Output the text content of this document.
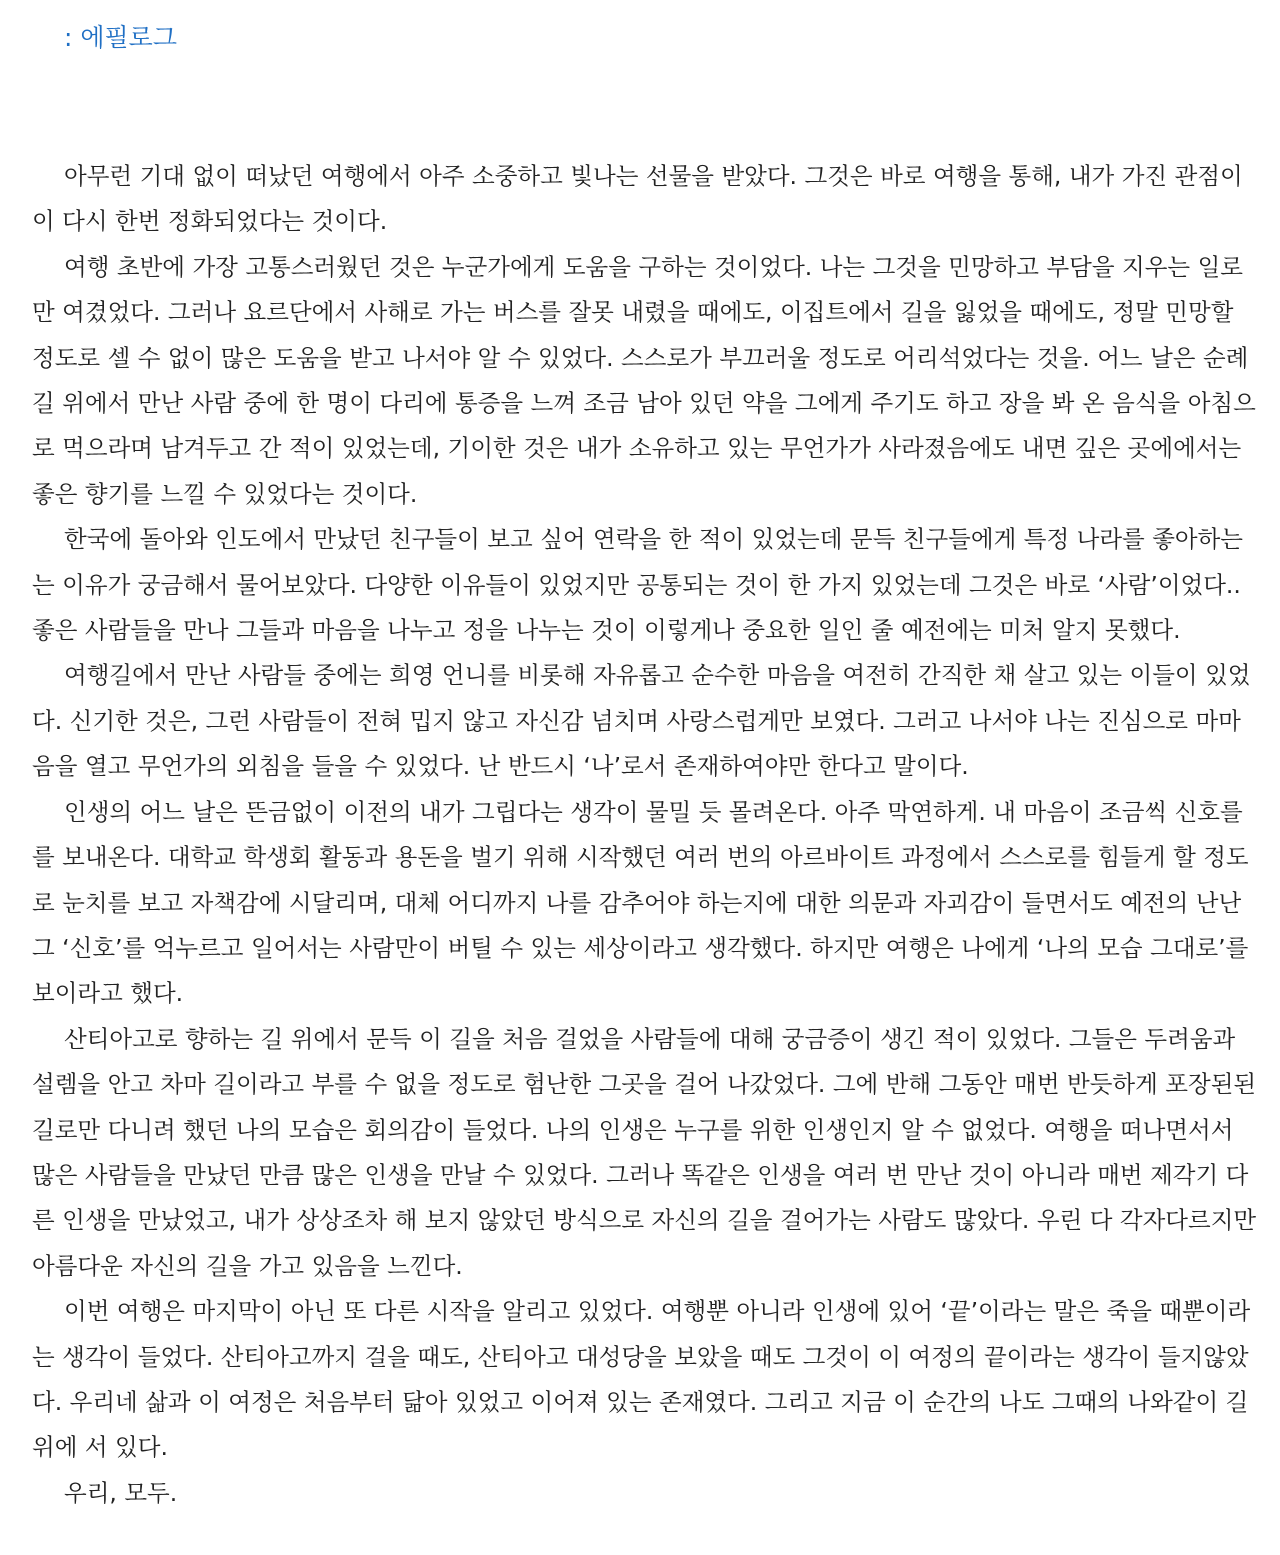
: 에필로그

아무런 기대 없이 떠났던 여행에서 아주 소중하고 빛나는 선물을 받았다. 그것은 바로 여행을 통해, 내가 가진 관점이이 다시 한번 정화되었다는 것이다.

여행 초반에 가장 고통스러웠던 것은 누군가에게 도움을 구하는 것이었다. 나는 그것을 민망하고 부담을 지우는 일로만 여겼었다. 그러나 요르단에서 사해로 가는 버스를 잘못 내렸을 때에도, 이집트에서 길을 잃었을 때에도, 정말 민망할 정도로 셀 수 없이 많은 도움을 받고 나서야 알 수 있었다. 스스로가 부끄러울 정도로 어리석었다는 것을. 어느 날은 순례길 위에서 만난 사람 중에 한 명이 다리에 통증을 느껴 조금 남아 있던 약을 그에게 주기도 하고 장을 봐 온 음식을 아침으로 먹으라며 남겨두고 간 적이 있었는데, 기이한 것은 내가 소유하고 있는 무언가가 사라졌음에도 내면 깊은 곳에에서는 좋은 향기를 느낄 수 있었다는 것이다.

한국에 돌아와 인도에서 만났던 친구들이 보고 싶어 연락을 한 적이 있었는데 문득 친구들에게 특정 나라를 좋아하는는 이유가 궁금해서 물어보았다. 다양한 이유들이 있었지만 공통되는 것이 한 가지 있었는데 그것은 바로 ‘사람’이었다.. 좋은 사람들을 만나 그들과 마음을 나누고 정을 나누는 것이 이렇게나 중요한 일인 줄 예전에는 미처 알지 못했다.

여행길에서 만난 사람들 중에는 희영 언니를 비롯해 자유롭고 순수한 마음을 여전히 간직한 채 살고 있는 이들이 있었다. 신기한 것은, 그런 사람들이 전혀 밉지 않고 자신감 넘치며 사랑스럽게만 보였다. 그러고 나서야 나는 진심으로 마마음을 열고 무언가의 외침을 들을 수 있었다. 난 반드시 ‘나’로서 존재하여야만 한다고 말이다.

인생의 어느 날은 뜬금없이 이전의 내가 그립다는 생각이 물밀 듯 몰려온다. 아주 막연하게. 내 마음이 조금씩 신호를를 보내온다. 대학교 학생회 활동과 용돈을 벌기 위해 시작했던 여러 번의 아르바이트 과정에서 스스로를 힘들게 할 정도로 눈치를 보고 자책감에 시달리며, 대체 어디까지 나를 감추어야 하는지에 대한 의문과 자괴감이 들면서도 예전의 난난 그 ‘신호’를 억누르고 일어서는 사람만이 버틸 수 있는 세상이라고 생각했다. 하지만 여행은 나에게 ‘나의 모습 그대로’를 보이라고 했다.

산티아고로 향하는 길 위에서 문득 이 길을 처음 걸었을 사람들에 대해 궁금증이 생긴 적이 있었다. 그들은 두려움과 설렘을 안고 차마 길이라고 부를 수 없을 정도로 험난한 그곳을 걸어 나갔었다. 그에 반해 그동안 매번 반듯하게 포장된된 길로만 다니려 했던 나의 모습은 회의감이 들었다. 나의 인생은 누구를 위한 인생인지 알 수 없었다. 여행을 떠나면서서 많은 사람들을 만났던 만큼 많은 인생을 만날 수 있었다. 그러나 똑같은 인생을 여러 번 만난 것이 아니라 매번 제각기 다른 인생을 만났었고, 내가 상상조차 해 보지 않았던 방식으로 자신의 길을 걸어가는 사람도 많았다. 우린 다 각자다르지만 아름다운 자신의 길을 가고 있음을 느낀다.

이번 여행은 마지막이 아닌 또 다른 시작을 알리고 있었다. 여행뿐 아니라 인생에 있어 ‘끝’이라는 말은 죽을 때뿐이라는 생각이 들었다. 산티아고까지 걸을 때도, 산티아고 대성당을 보았을 때도 그것이 이 여정의 끝이라는 생각이 들지않았다. 우리네 삶과 이 여정은 처음부터 닮아 있었고 이어져 있는 존재였다. 그리고 지금 이 순간의 나도 그때의 나와같이 길 위에 서 있다.

우리, 모두.
